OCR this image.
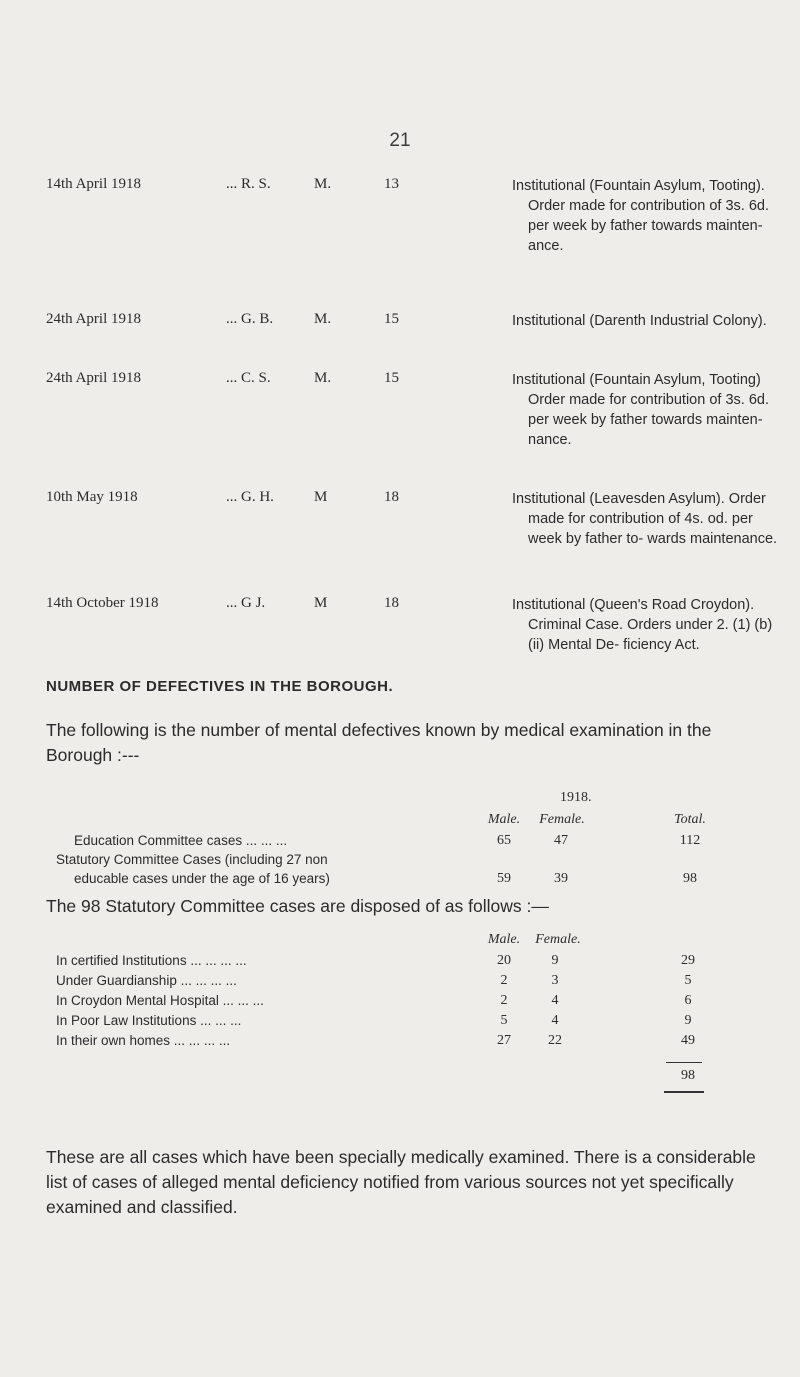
21
14th April 1918	... R. S.	M.	13	Institutional (Fountain Asylum, Tooting). Order made for contribution of 3s. 6d. per week by father towards mainten- ance.
24th April 1918	... G. B.	M.	15	Institutional (Darenth Industrial Colony).
24th April 1918	... C. S.	M.	15	Institutional (Fountain Asylum, Tooting) Order made for contribution of 3s. 6d. per week by father towards mainten- nance.
10th May 1918	... G. H.	M	18	Institutional (Leavesden Asylum). Order made for contribution of 4s. od. per week by father to- wards maintenance.
14th October 1918	... G J.	M	18	Institutional (Queen's Road Croydon). Criminal Case. Orders under 2. (1) (b) (ii) Mental De- ficiency Act.
NUMBER OF DEFECTIVES IN THE BOROUGH.
The following is the number of mental defectives known by medical examination in the Borough :---
1918.
Male.	Female.	Total.
Education Committee cases ... ... ...	65	47	112
Statutory Committee Cases (including 27 non
educable cases under the age of 16 years)	59	39	98
The 98 Statutory Committee cases are disposed of as follows :—
Male.	Female.
In certified Institutions ... ... ... ...	20	9	29
Under Guardianship ... ... ... ...	2	3	5
In Croydon Mental Hospital ... ... ...	2	4	6
In Poor Law Institutions ... ... ...	5	4	9
In their own homes ... ... ... ...	27	22	49
98
These are all cases which have been specially medically examined. There is a considerable list of cases of alleged mental deficiency notified from various sources not yet specifically examined and classified.
